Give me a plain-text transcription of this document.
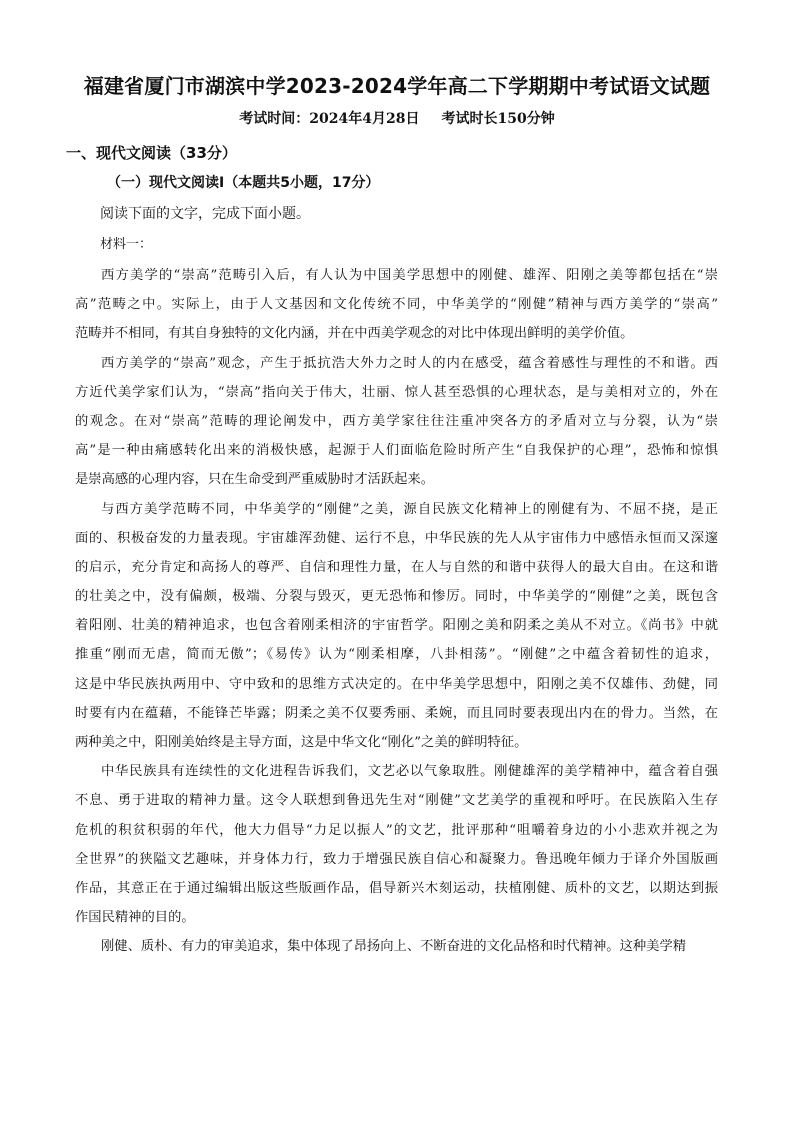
福建省厦门市湖滨中学2023-2024学年高二下学期期中考试语文试题
考试时间：2024年4月28日 考试时长150分钟
一、现代文阅读（33分）
（一）现代文阅读Ⅰ（本题共5小题，17分）
阅读下面的文字，完成下面小题。
材料一：
西方美学的“崇高”范畴引入后，有人认为中国美学思想中的刚健、雄浑、阳刚之美等都包括在“崇
高”范畴之中。实际上，由于人文基因和文化传统不同，中华美学的“刚健”精神与西方美学的“崇高”
范畴并不相同，有其自身独特的文化内涵，并在中西美学观念的对比中体现出鲜明的美学价值。
西方美学的“崇高”观念，产生于抵抗浩大外力之时人的内在感受，蕴含着感性与理性的不和谐。西
方近代美学家们认为，“崇高”指向关于伟大，壮丽、惊人甚至恐惧的心理状态，是与美相对立的，外在
的观念。在对“崇高”范畴的理论阐发中，西方美学家往往注重冲突各方的矛盾对立与分裂，认为“崇
高”是一种由痛感转化出来的消极快感，起源于人们面临危险时所产生“自我保护的心理”，恐怖和惊惧
是崇高感的心理内容，只在生命受到严重威胁时才活跃起来。
与西方美学范畴不同，中华美学的“刚健”之美，源自民族文化精神上的刚健有为、不屈不挠，是正
面的、积极奋发的力量表现。宇宙雄浑劲健、运行不息，中华民族的先人从宇宙伟力中感悟永恒而又深邃
的启示，充分肯定和高扬人的尊严、自信和理性力量，在人与自然的和谐中获得人的最大自由。在这和谐
的壮美之中，没有偏颇，极端、分裂与毁灭，更无恐怖和惨厉。同时，中华美学的“刚健”之美，既包含
着阳刚、壮美的精神追求，也包含着刚柔相济的宇宙哲学。阳刚之美和阴柔之美从不对立。《尚书》中就
推重“刚而无虐，简而无傲”；《易传》认为“刚柔相摩，八卦相荡”。“刚健”之中蕴含着韧性的追求，
这是中华民族执两用中、守中致和的思维方式决定的。在中华美学思想中，阳刚之美不仅雄伟、劲健，同
时要有内在蕴藉，不能锋芒毕露；阴柔之美不仅要秀丽、柔婉，而且同时要表现出内在的骨力。当然，在
两种美之中，阳刚美始终是主导方面，这是中华文化“刚化”之美的鲜明特征。
中华民族具有连续性的文化进程告诉我们，文艺必以气象取胜。刚健雄浑的美学精神中，蕴含着自强
不息、勇于进取的精神力量。这令人联想到鲁迅先生对“刚健”文艺美学的重视和呼吁。在民族陷入生存
危机的积贫积弱的年代，他大力倡导“力足以振人”的文艺，批评那种“咀嚼着身边的小小悲欢并视之为
全世界”的狭隘文艺趣味，并身体力行，致力于增强民族自信心和凝聚力。鲁迅晚年倾力于译介外国版画
作品，其意正在于通过编辑出版这些版画作品，倡导新兴木刻运动，扶植刚健、质朴的文艺，以期达到振
作国民精神的目的。
刚健、质朴、有力的审美追求，集中体现了昂扬向上、不断奋进的文化品格和时代精神。这种美学精
